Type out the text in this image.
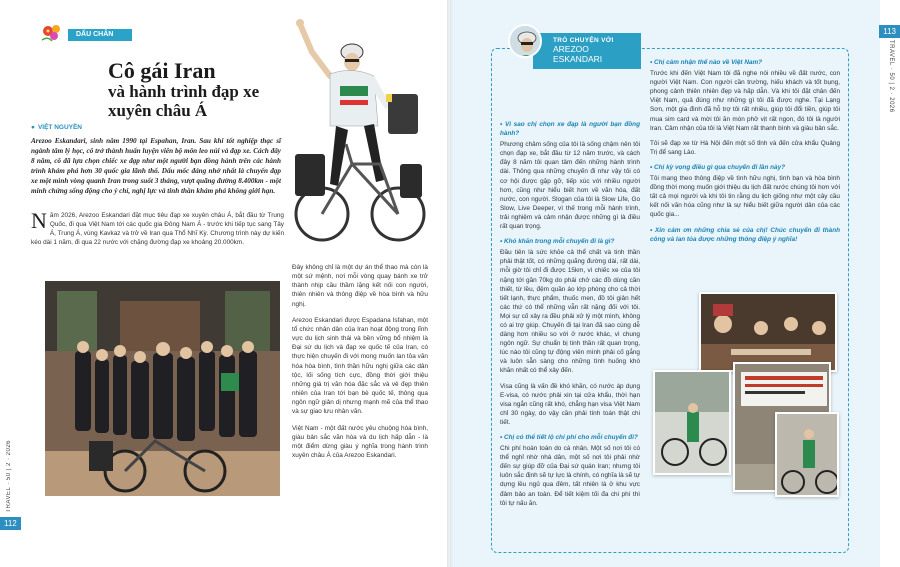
TRAVEL · 50 | 2 · 2026
112
DẤU CHÂN
Cô gái Iran
và hành trình đạp xe
xuyên châu Á
● VIỆT NGUYỄN

Arezoo Eskandari, sinh năm 1990 tại Espahan, Iran. Sau khi tốt nghiệp thạc sĩ ngành tâm lý học, cô trở thành huấn luyện viên bộ môn leo núi và đạp xe. Cách đây 8 năm, cô đã lựa chọn chiếc xe đạp như một người bạn đồng hành trên các hành trình khám phá hơn 30 quốc gia lãnh thổ. Dấu mốc đáng nhớ nhất là chuyến đạp xe một mình vòng quanh Iran trong suốt 3 tháng, vượt quãng đường 8.400km - một minh chứng sống động cho ý chí, nghị lực và tinh thần khám phá không giới hạn.

Năm 2026, Arezoo Eskandari đặt mục tiêu đạp xe xuyên châu Á, bắt đầu từ Trung Quốc, đi qua Việt Nam tới các quốc gia Đông Nam Á - trước khi tiếp tục sang Tây Á, Trung Á, vùng Kavkaz và trở về Iran qua Thổ Nhĩ Kỳ. Chương trình này dự kiến kéo dài 1 năm, đi qua 22 nước với chặng đường đạp xe khoảng 20.000km.

Đây không chỉ là một dự án thể thao mà còn là một sứ mệnh, nơi mỗi vòng quay bánh xe trở thành nhịp cầu thầm lặng kết nối con người, thiên nhiên và thông điệp về hòa bình và hữu nghị.

Arezoo Eskandari được Espadana Isfahan, một tổ chức nhân dân của Iran hoạt động trong lĩnh vực du lịch sinh thái và bền vững bổ nhiệm là Đại sứ du lịch và đạp xe quốc tế của Iran, có thực hiện chuyến đi với mong muốn lan tỏa văn hóa hòa bình, tình thần hữu nghị giữa các dân tộc, lối sống tích cực, đồng thời giới thiệu những giá trị văn hóa đặc sắc và vẻ đẹp thiên nhiên của Iran tới bạn bè quốc tế, thông qua ngôn ngữ giản dị nhưng mạnh mẽ của thể thao và sự giao lưu nhân văn.

Việt Nam - một đất nước yêu chuộng hòa bình, giàu bản sắc văn hóa và du lịch hấp dẫn - là một điểm dừng giàu ý nghĩa trong hành trình xuyên châu Á của Arezoo Eskandari.

TRAVEL · 50 | 2 · 2026
113
TRÒ CHUYỆN VỚI
AREZOO
ESKANDARI
• Vì sao chị chọn xe đạp là người bạn đồng hành?
Phương châm sống của tôi là sống chậm nên tôi chọn đạp xe, bắt đầu từ 12 năm trước, và cách đây 8 năm tôi quan tâm đến những hành trình dài. Thông qua những chuyến đi như vậy tôi có cơ hội được gặp gỡ, tiếp xúc với nhiều người hơn, cũng như hiểu biết hơn về văn hóa, đất nước, con người. Slogan của tôi là Slow Life, Go Slow, Live Deeper, vì thế trong mỗi hành trình, trải nghiệm và cảm nhận được những gì là điều rất quan trọng.
• Khó khăn trong mỗi chuyến đi là gì?
Đầu tiên là sức khỏe cả thể chất và tinh thần phải thật tốt, có những quãng đường dài, rất dài, mỗi giờ tôi chỉ đi được 15km, vì chiếc xe của tôi nặng tới gần 70kg do phải chở các đồ dùng cần thiết, từ lều, đệm quần áo lớp phòng cho cả thời tiết lạnh, thực phẩm, thuốc men, đồ tôi giản hết các thứ có thể những vẫn rất nặng đối với tôi. Mọi sự cố xảy ra đều phải xử lý một mình, không có ai trợ giúp. Chuyến đi tại Iran đã sao cùng dễ dàng hơn nhiều so với ở nước khác, vì chung ngôn ngữ. Sự chuẩn bị tinh thần rất quan trọng, lúc nào tôi cũng tự động viên mình phải cố gắng và luôn sẵn sàng cho những tình huống khó khăn nhất có thể xảy đến.
Visa cũng là vấn đề khó khăn, có nước áp dụng E-visa, có nước phải xin tại cửa khẩu, thời hạn visa ngắn cũng rất khó, chẳng hạn visa Việt Nam chỉ 30 ngày, do vậy cần phải tính toán thật chi tiết.
• Chị có thể tiết lộ chi phí cho mỗi chuyến đi?
Chi phí hoàn toàn do cá nhân. Một số nơi tôi có thể nghỉ nhờ nhà dân, một số nơi tôi phải nhờ đến sự giúp đỡ của Đại sứ quán Iran; nhưng tôi luôn sắc định sẽ tự lực là chính, có nghĩa là sẽ tự dựng lều ngủ qua đêm, tất nhiên là ở khu vực đảm bảo an toàn. Để tiết kiệm tối đa chi phí thì tôi tự nấu ăn.
• Chị cảm nhận thế nào về Việt Nam?
Trước khi đến Việt Nam tôi đã nghe nói nhiều về đất nước, con người Việt Nam. Con người cần trường, hiếu khách và tốt bụng, phong cảnh thiên nhiên đẹp và hấp dẫn. Và khi tôi đặt chân đến Việt Nam, quả đúng như những gì tôi đã được nghe. Tại Lạng Sơn, một gia đình đã hỗ trợ tôi rất nhiều, giúp tôi đổi tiền, giúp tôi mua sim card và mời tôi ăn món phở vịt rất ngon, đó tôi là người Iran. Cảm nhận của tôi là Việt Nam rất thanh bình và giàu bản sắc.
Tôi sẽ đạp xe từ Hà Nội đến một số tỉnh và đến cửa khẩu Quảng Trị để sang Lào.
• Chị kỳ vọng điều gì qua chuyến đi lần này?
Tôi mang theo thông điệp về tình hữu nghị, tình bạn và hòa bình đồng thời mong muốn giới thiệu du lịch đất nước chúng tôi hơn với tất cả mọi người và khi tôi tin rằng du lịch giống như một cây cầu kết nối văn hóa cũng như là sự hiểu biết giữa người dân của các quốc gia...
• Xin cảm ơn những chia sẻ của chị! Chúc chuyến đi thành công và lan tỏa được những thông điệp ý nghĩa!
